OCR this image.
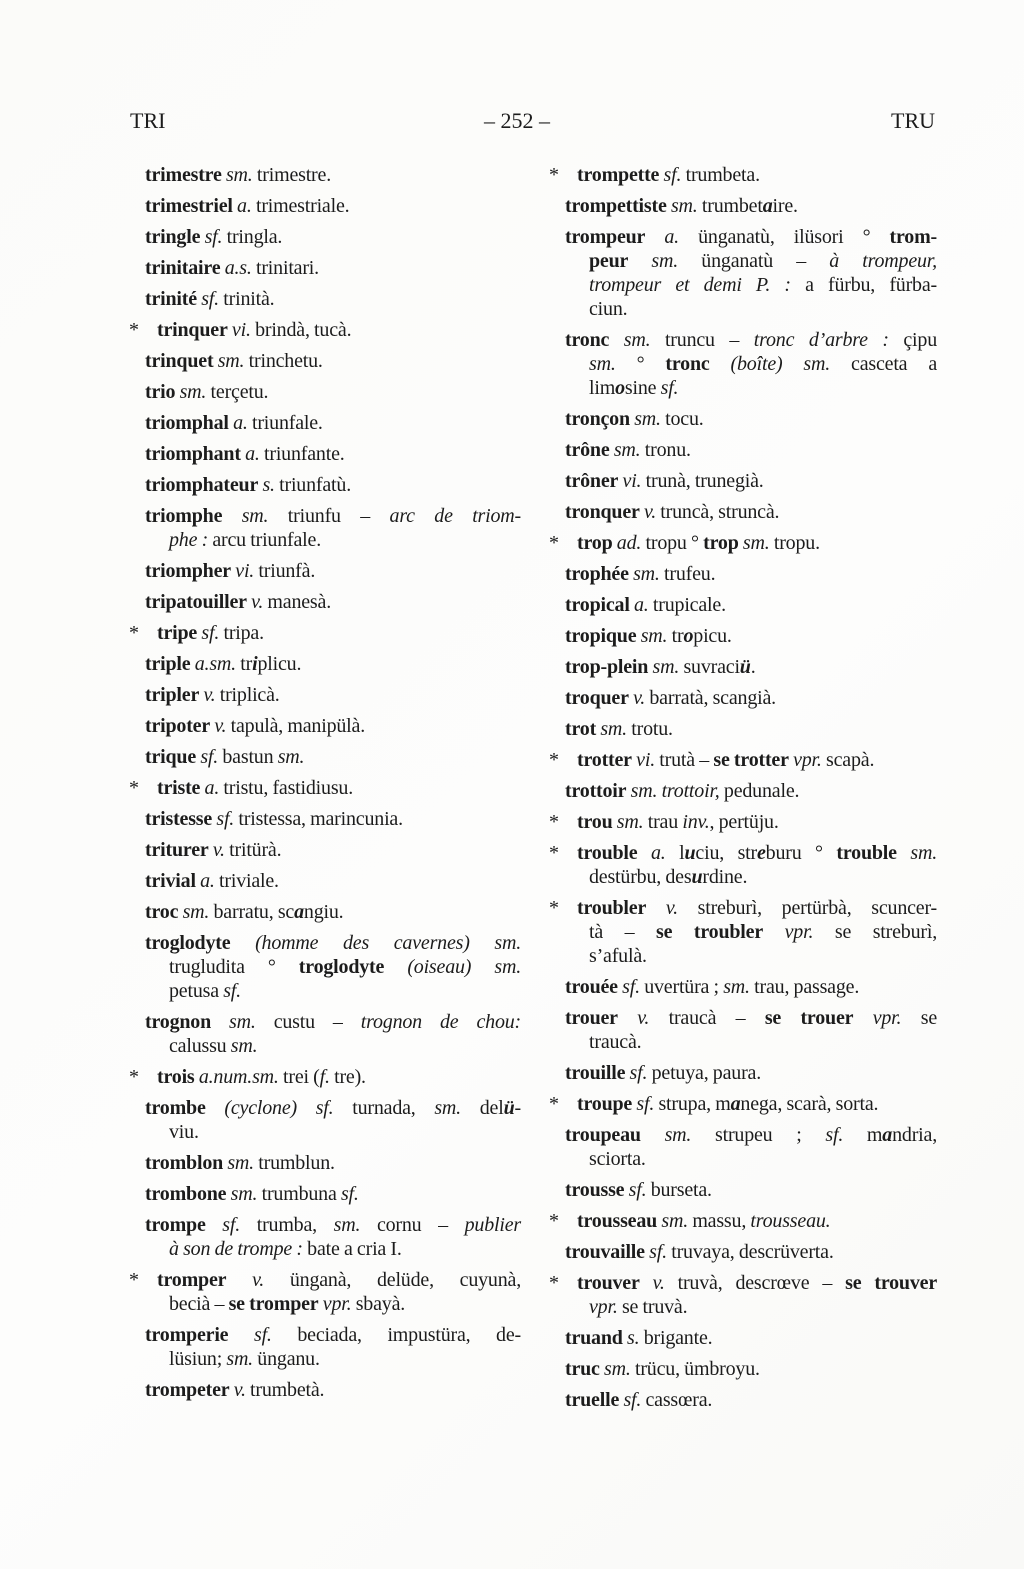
TRI	– 252 –	TRU
trimestre sm. trimestre.
trimestriel a. trimestriale.
tringle sf. tringla.
trinitaire a.s. trinitari.
trinité sf. trinità.
* trinquer vi. brindà, tucà.
trinquet sm. trinchetu.
trio sm. terçetu.
triomphal a. triunfale.
triomphant a. triunfante.
triomphateur s. triunfatù.
triomphe sm. triunfu – arc de triom-
phe : arcu triunfale.
triompher vi. triunfà.
tripatouiller v. manesà.
* tripe sf. tripa.
triple a.sm. triplicu.
tripler v. triplicà.
tripoter v. tapulà, manipülà.
trique sf. bastun sm.
* triste a. tristu, fastidiusu.
tristesse sf. tristessa, marincunia.
triturer v. tritürà.
trivial a. triviale.
troc sm. barratu, scangiu.
troglodyte (homme des cavernes) sm.
trugludita ° troglodyte (oiseau) sm.
petusa sf.
trognon sm. custu – trognon de chou:
calussu sm.
* trois a.num.sm. trei (f. tre).
trombe (cyclone) sf. turnada, sm. delü-
viu.
tromblon sm. trumblun.
trombone sm. trumbuna sf.
trompe sf. trumba, sm. cornu – publier
à son de trompe : bate a cria I.
* tromper v. ünganà, delüde, cuyunà,
becià – se tromper vpr. sbayà.
tromperie sf. beciada, impustüra, de-
lüsiun; sm. ünganu.
trompeter v. trumbetà.
* trompette sf. trumbeta.
trompettiste sm. trumbetaire.
trompeur a. ünganatù, ilüsori ° trom-
peur sm. ünganatù – à trompeur,
trompeur et demi P. : a fürbu, fürba-
ciun.
tronc sm. truncu – tronc d’arbre : çipu
sm. ° tronc (boîte) sm. casceta a
limosine sf.
tronçon sm. tocu.
trône sm. tronu.
trôner vi. trunà, trunegià.
tronquer v. truncà, struncà.
* trop ad. tropu ° trop sm. tropu.
trophée sm. trufeu.
tropical a. trupicale.
tropique sm. tropicu.
trop-plein sm. suvraciü.
troquer v. barratà, scangià.
trot sm. trotu.
* trotter vi. trutà – se trotter vpr. scapà.
trottoir sm. trottoir, pedunale.
* trou sm. trau inv., pertüju.
* trouble a. luciu, streburu ° trouble sm.
destürbu, desurdine.
* troubler v. streburì, pertürbà, scuncer-
tà – se troubler vpr. se streburì,
s’afulà.
trouée sf. uvertüra ; sm. trau, passage.
trouer v. traucà – se trouer vpr. se
traucà.
trouille sf. petuya, paura.
* troupe sf. strupa, manega, scarà, sorta.
troupeau sm. strupeu ; sf. mandria,
sciorta.
trousse sf. burseta.
* trousseau sm. massu, trousseau.
trouvaille sf. truvaya, descrüverta.
* trouver v. truvà, descrœve – se trouver
vpr. se truvà.
truand s. brigante.
truc sm. trücu, ümbroyu.
truelle sf. cassœra.
